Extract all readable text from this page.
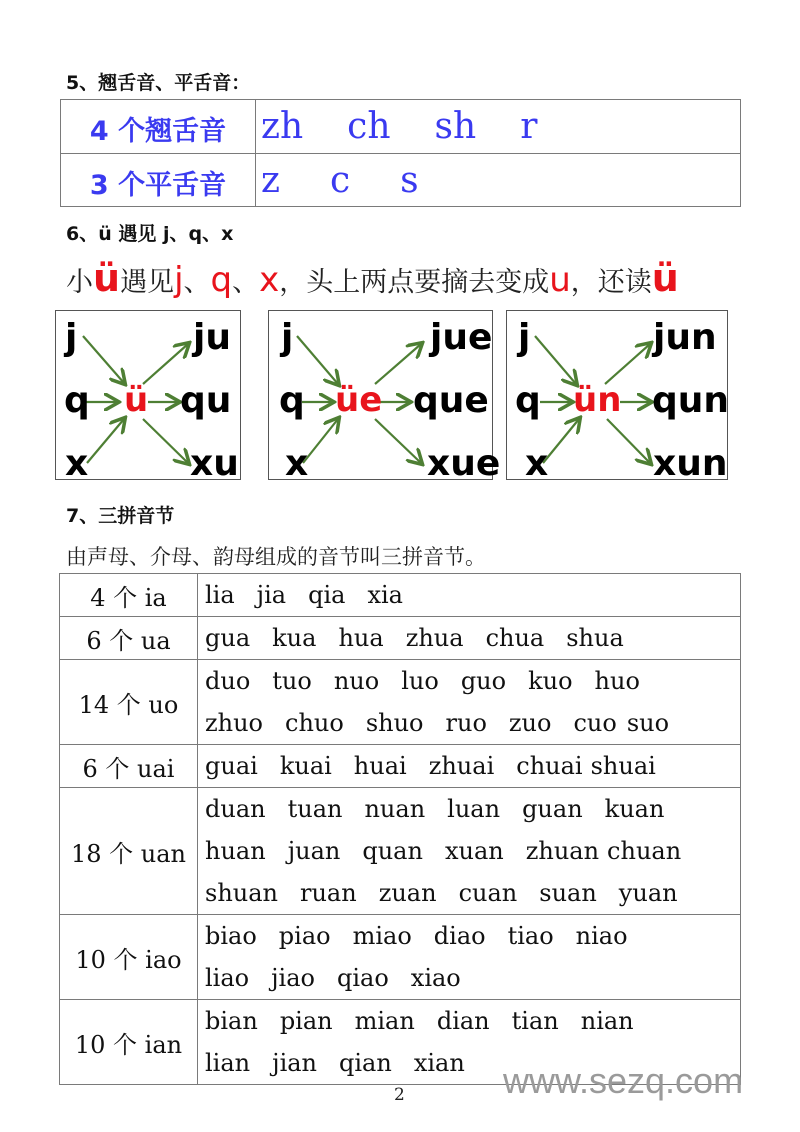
5、翘舌音、平舌音：
4 个翘舌音 zh ch sh r
3 个平舌音 z c s
6、ü 遇见 j、q、x
小ü遇见j、q、x，头上两点要摘去变成u，还读ü
j
q
x
ü
ju
qu
xu
j
q
x
üe
jue
que
xue
j
q
x
ün
jun
qun
xun
7、三拼音节
由声母、介母、韵母组成的音节叫三拼音节。
4 个 ia	lia jia qia xia

6 个 ua	gua kua hua zhua chua shua

14 个 uo	duo tuo nuo luo guo kuo huo
zhuo chuo shuo ruo zuo cuo suo

6 个 uai	guai kuai huai zhuai chuai shuai

18 个 uan	duan tuan nuan luan guan kuan
huan juan quan xuan zhuan chuan
shuan ruan zuan cuan suan yuan

10 个 iao	biao piao miao diao tiao niao
liao jiao qiao xiao

10 个 ian	bian pian mian dian tian nian
lian jian qian xian
2	www.sezq.com
